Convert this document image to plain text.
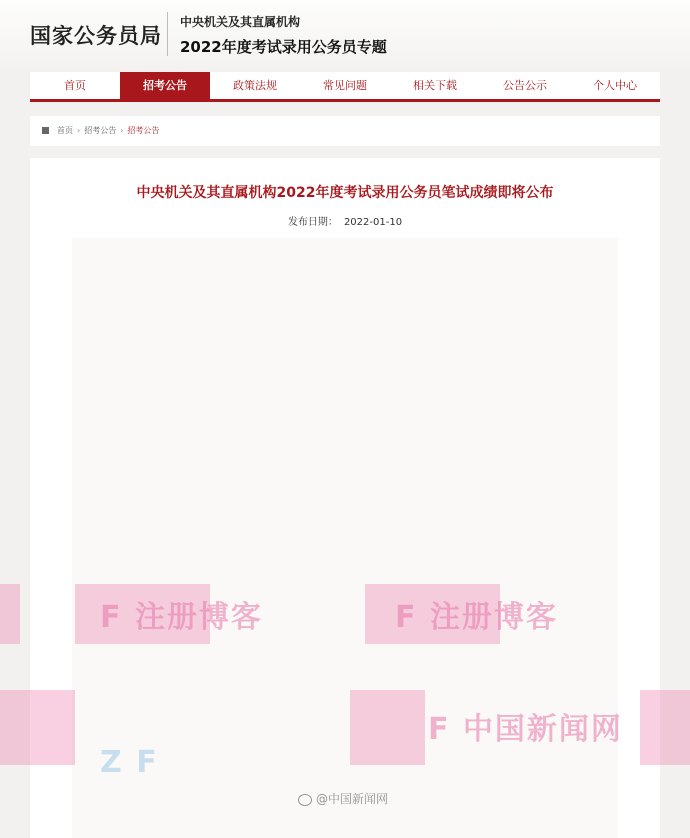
国家公务员局
中央机关及其直属机构
2022年度考试录用公务员专题
首页	招考公告	政策法规	常见问题	相关下载	公告公示	个人中心
首页 › 招考公告 › 招考公告
中央机关及其直属机构2022年度考试录用公务员笔试成绩即将公布
发布日期： 2022-01-10
F 注册博客	F 注册博客
F 中国新闻网
Z F
@中国新闻网
